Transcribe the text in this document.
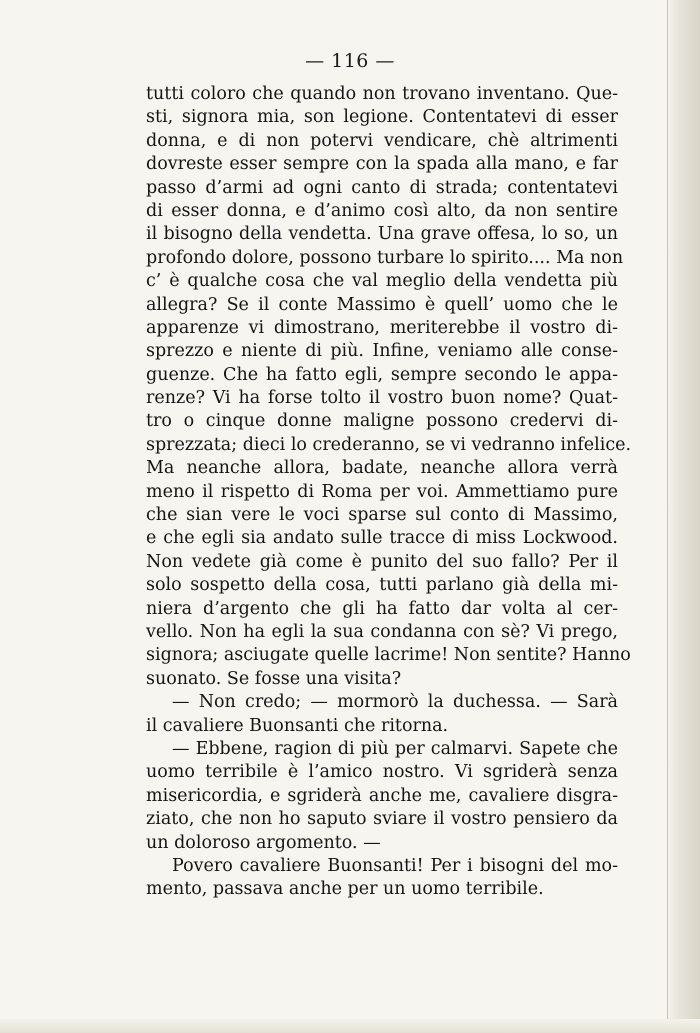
— 116 —
tutti coloro che quando non trovano inventano. Que-
sti, signora mia, son legione. Contentatevi di esser
donna, e di non potervi vendicare, chè altrimenti
dovreste esser sempre con la spada alla mano, e far
passo d’armi ad ogni canto di strada; contentatevi
di esser donna, e d’animo così alto, da non sentire
il bisogno della vendetta. Una grave offesa, lo so, un
profondo dolore, possono turbare lo spirito.... Ma non
c’ è qualche cosa che val meglio della vendetta più
allegra? Se il conte Massimo è quell’ uomo che le
apparenze vi dimostrano, meriterebbe il vostro di-
sprezzo e niente di più. Infine, veniamo alle conse-
guenze. Che ha fatto egli, sempre secondo le appa-
renze? Vi ha forse tolto il vostro buon nome? Quat-
tro o cinque donne maligne possono credervi di-
sprezzata; dieci lo crederanno, se vi vedranno infelice.
Ma neanche allora, badate, neanche allora verrà
meno il rispetto di Roma per voi. Ammettiamo pure
che sian vere le voci sparse sul conto di Massimo,
e che egli sia andato sulle tracce di miss Lockwood.
Non vedete già come è punito del suo fallo? Per il
solo sospetto della cosa, tutti parlano già della mi-
niera d’argento che gli ha fatto dar volta al cer-
vello. Non ha egli la sua condanna con sè? Vi prego,
signora; asciugate quelle lacrime! Non sentite? Hanno
suonato. Se fosse una visita?
— Non credo; — mormorò la duchessa. — Sarà
il cavaliere Buonsanti che ritorna.
— Ebbene, ragion di più per calmarvi. Sapete che
uomo terribile è l’amico nostro. Vi sgriderà senza
misericordia, e sgriderà anche me, cavaliere disgra-
ziato, che non ho saputo sviare il vostro pensiero da
un doloroso argomento. —
Povero cavaliere Buonsanti! Per i bisogni del mo-
mento, passava anche per un uomo terribile.
